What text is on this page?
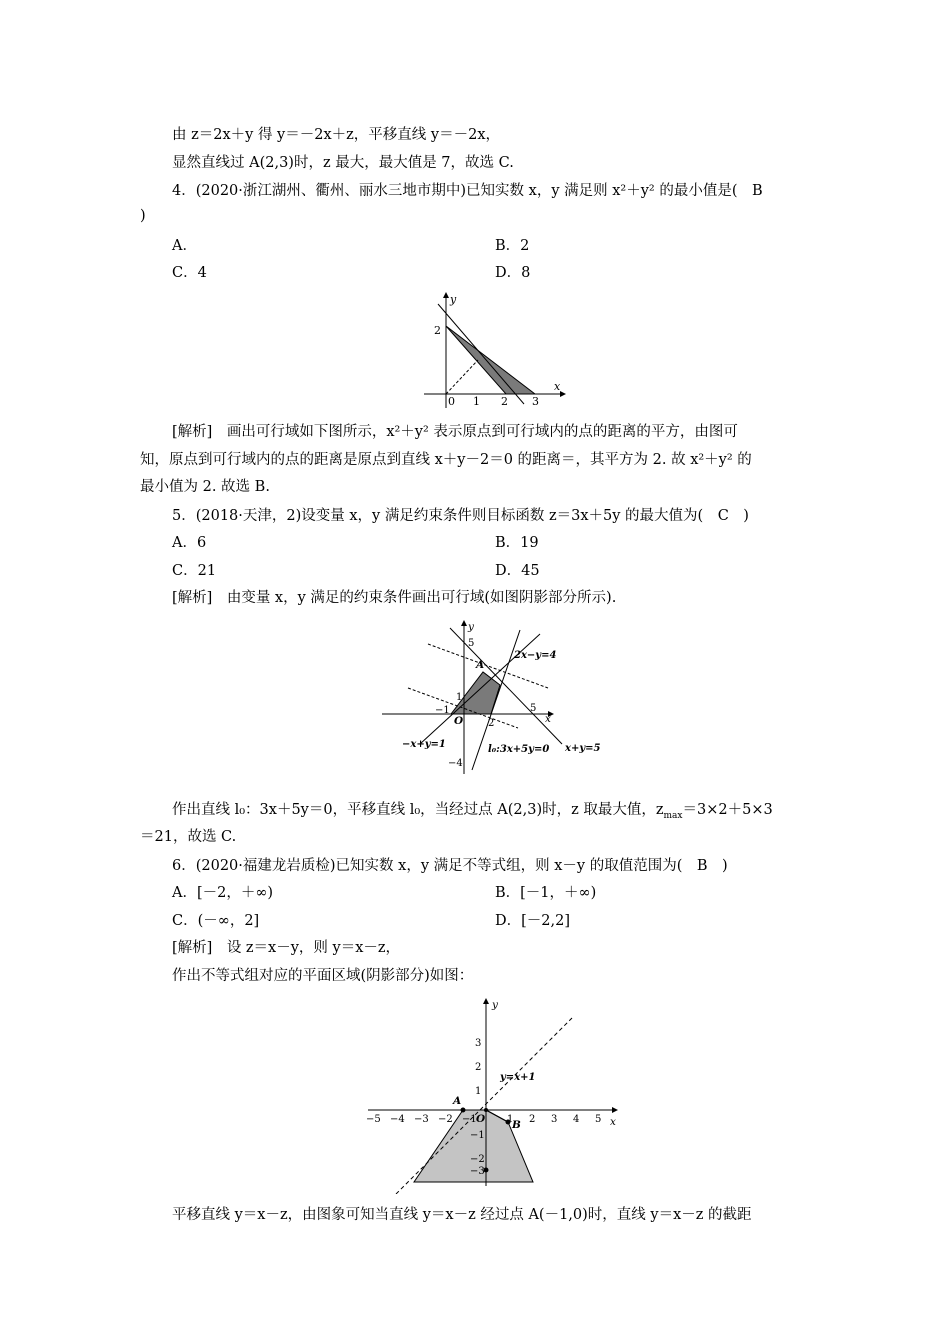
由 z＝2x＋y 得 y＝－2x＋z，平移直线 y＝－2x，
显然直线过 A(2,3)时，z 最大，最大值是 7，故选 C.
4．(2020·浙江湖州、衢州、丽水三地市期中)已知实数 x，y 满足则 x²＋y² 的最小值是(　B
)
A．	B．2
C．4	D．8
y
x
2
0 1 2 3
[解析]　画出可行域如下图所示，x²＋y² 表示原点到可行域内的点的距离的平方，由图可
知，原点到可行域内的点的距离是原点到直线 x＋y－2＝0 的距离＝，其平方为 2. 故 x²＋y² 的
最小值为 2. 故选 B.
5．(2018·天津，2)设变量 x，y 满足约束条件则目标函数 z＝3x＋5y 的最大值为(　C　)
A．6	B．19
C．21	D．45
[解析]　由变量 x，y 满足的约束条件画出可行域(如图阴影部分所示).
y
x
5
1
−4
−1
2
5
O
A
2x−y=4
−x+y=1	l₀:3x+5y=0 x+y=5
作出直线 l₀：3x＋5y＝0，平移直线 l₀，当经过点 A(2,3)时，z 取最大值，$z_{max}=3\times 2+5\times 3$
＝21，故选 C.
6．(2020·福建龙岩质检)已知实数 x，y 满足不等式组，则 x－y 的取值范围为(　B　)
A．[－2，＋∞)	B．[－1，＋∞)
C．(－∞，2]	D．[－2,2]
[解析]　设 z＝x－y，则 y＝x－z，
作出不等式组对应的平面区域(阴影部分)如图：
y
x
O
A
B
y=x+1
−5 −4 −3 −2 −1	1 2 3 4 5
3
2
1
−1
−2
−3
平移直线 y＝x－z，由图象可知当直线 y＝x－z 经过点 A(－1,0)时，直线 y＝x－z 的截距
